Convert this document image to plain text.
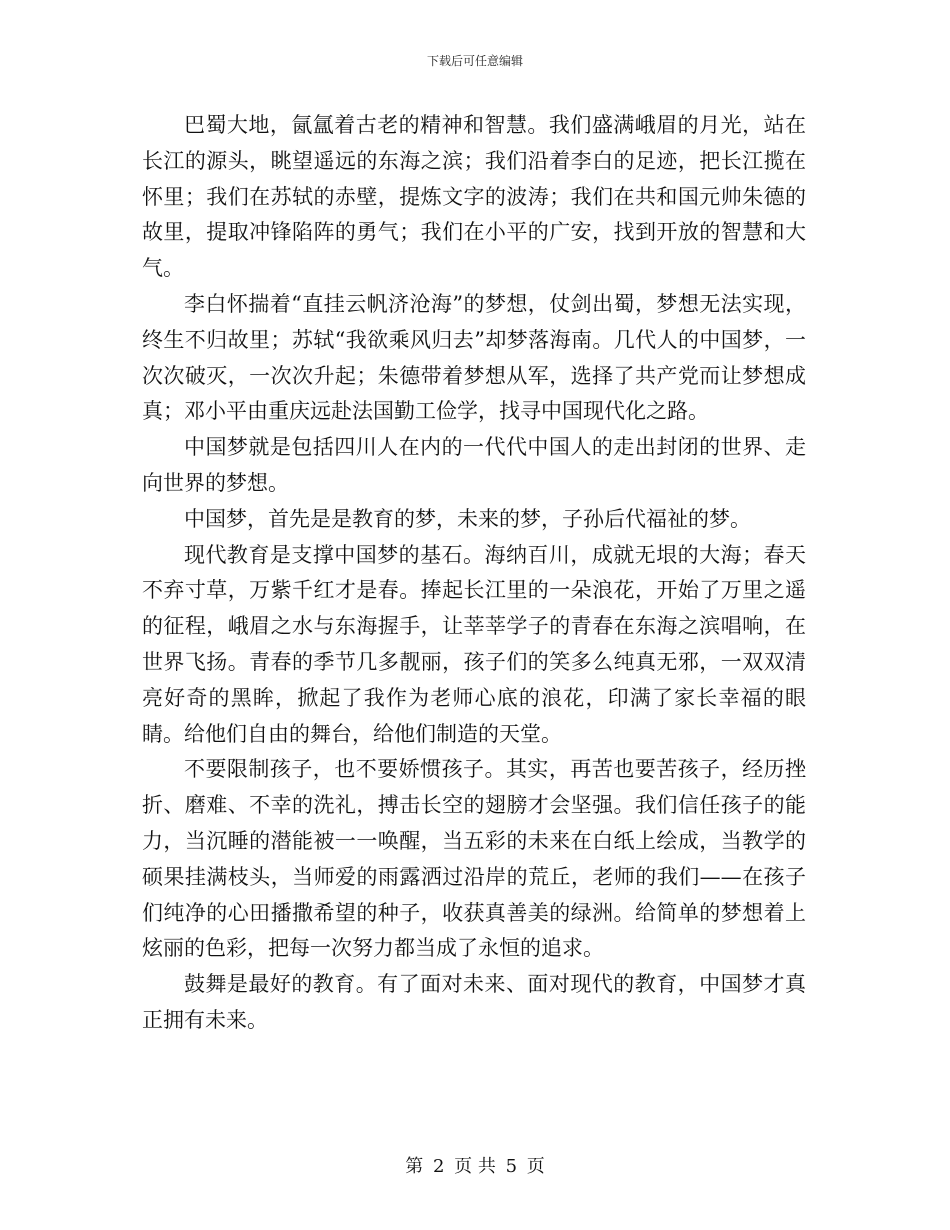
下载后可任意编辑

巴蜀大地，氤氲着古老的精神和智慧。我们盛满峨眉的月光，站在长江的源头，眺望遥远的东海之滨；我们沿着李白的足迹，把长江揽在怀里；我们在苏轼的赤壁，提炼文字的波涛；我们在共和国元帅朱德的故里，提取冲锋陷阵的勇气；我们在小平的广安，找到开放的智慧和大气。

李白怀揣着“直挂云帆济沧海”的梦想，仗剑出蜀，梦想无法实现，终生不归故里；苏轼“我欲乘风归去”却梦落海南。几代人的中国梦，一次次破灭，一次次升起；朱德带着梦想从军，选择了共产党而让梦想成真；邓小平由重庆远赴法国勤工俭学，找寻中国现代化之路。

中国梦就是包括四川人在内的一代代中国人的走出封闭的世界、走向世界的梦想。

中国梦，首先是是教育的梦，未来的梦，子孙后代福祉的梦。

现代教育是支撑中国梦的基石。海纳百川，成就无垠的大海；春天不弃寸草，万紫千红才是春。捧起长江里的一朵浪花，开始了万里之遥的征程，峨眉之水与东海握手，让莘莘学子的青春在东海之滨唱响，在世界飞扬。青春的季节几多靓丽，孩子们的笑多么纯真无邪，一双双清亮好奇的黑眸，掀起了我作为老师心底的浪花，印满了家长幸福的眼睛。给他们自由的舞台，给他们制造的天堂。

不要限制孩子，也不要娇惯孩子。其实，再苦也要苦孩子，经历挫折、磨难、不幸的洗礼，搏击长空的翅膀才会坚强。我们信任孩子的能力，当沉睡的潜能被一一唤醒，当五彩的未来在白纸上绘成，当教学的硕果挂满枝头，当师爱的雨露洒过沿岸的荒丘，老师的我们——在孩子们纯净的心田播撒希望的种子，收获真善美的绿洲。给简单的梦想着上炫丽的色彩，把每一次努力都当成了永恒的追求。

鼓舞是最好的教育。有了面对未来、面对现代的教育，中国梦才真正拥有未来。

第 2 页 共 5 页
